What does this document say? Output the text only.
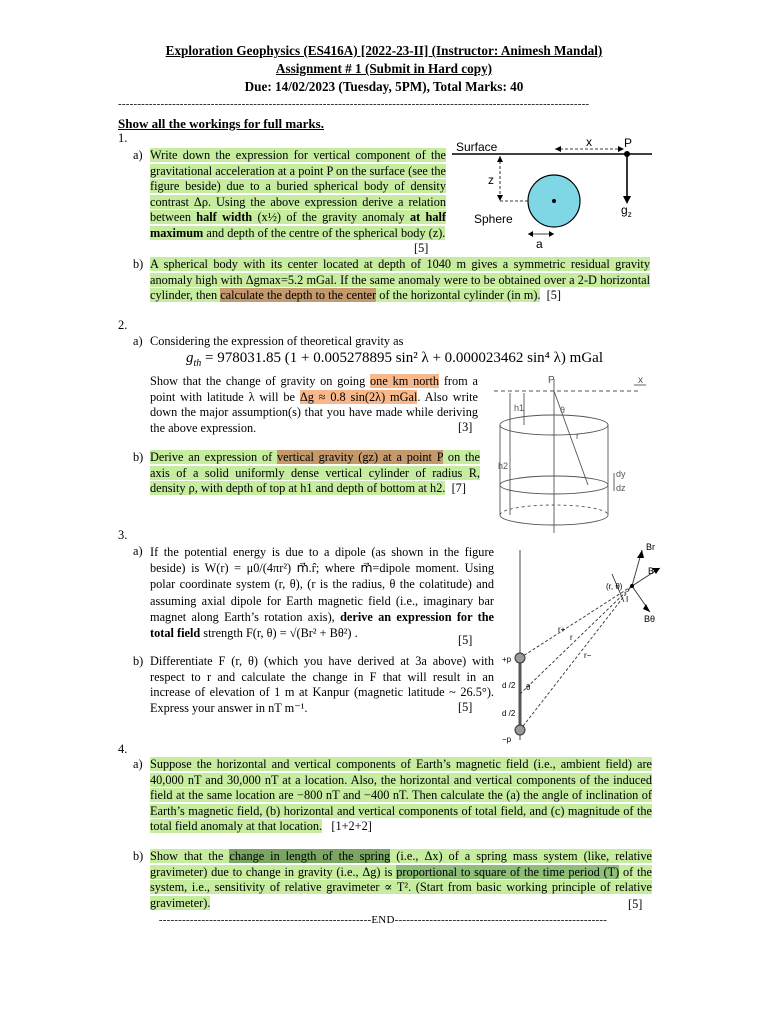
Exploration Geophysics (ES416A) [2022-23-II] (Instructor: Animesh Mandal)
Assignment # 1 (Submit in Hard copy)
Due: 14/02/2023 (Tuesday, 5PM), Total Marks: 40
--------------------------------------------------------------------------------------------------------------------------
Show all the workings for full marks.
1.
a) Write down the expression for vertical component of the gravitational acceleration at a point P on the surface (see the figure beside) due to a buried spherical body of density contrast Δρ. Using the above expression derive a relation between half width (x½) of the gravity anomaly at half maximum and depth of the centre of the spherical body (z).
[5]
Surface	x	P
$g_z$
z
Sphere
a
b) A spherical body with its center located at depth of 1040 m gives a symmetric residual gravity anomaly high with Δgmax=5.2 mGal. If the same anomaly were to be obtained over a 2-D horizontal cylinder, then calculate the depth to the center of the horizontal cylinder (in m). [5]
2.
a) Considering the expression of theoretical gravity as
$g_{th} = 978031.85$ (1 + 0.005278895 sin² λ + 0.000023462 sin⁴ λ) mGal
Show that the change of gravity on going one km north from a point with latitude λ will be Δg ≈ 0.8 sin(2λ) mGal. Also write down the major assumption(s) that you have made while deriving the above expression.	[3]
b) Derive an expression of vertical gravity (gz) at a point P on the axis of a solid uniformly dense vertical cylinder of radius R, density ρ, with depth of top at h1 and depth of bottom at h2. [7]
P
h1
h2
θ
r
dy
dz
x
3.
a) If the potential energy is due to a dipole (as shown in the figure beside) is W(r) = μ0/(4πr²) m⃗.r̂; where m⃗=dipole moment. Using polar coordinate system (r, θ), (r is the radius, θ the colatitude) and assuming axial dipole for Earth magnetic field (i.e., imaginary bar magnet along Earth’s rotation axis), derive an expression for the total field strength F(r, θ) = √(Br² + Bθ²) .	[5]
b) Differentiate F (r, θ) (which you have derived at 3a above) with respect to r and calculate the change in F that will result in an increase of elevation of 1 m at Kanpur (magnetic latitude ~ 26.5°). Express your answer in nT m⁻¹.	[5]
Br
B
Bθ
(r, θ)
I
r+
r
r−
+p
−p
d /2
d /2
θ
4.
a) Suppose the horizontal and vertical components of Earth’s magnetic field (i.e., ambient field) are 40,000 nT and 30,000 nT at a location. Also, the horizontal and vertical components of the induced field at the same location are −800 nT and −400 nT. Then calculate the (a) the angle of inclination of Earth’s magnetic field, (b) horizontal and vertical components of total field, and (c) magnitude of the total field anomaly at that location. [1+2+2]
b) Show that the change in length of the spring (i.e., Δx) of a spring mass system (like, relative gravimeter) due to change in gravity (i.e., Δg) is proportional to square of the time period (T) of the system, i.e., sensitivity of relative gravimeter ∝ T². (Start from basic working principle of relative gravimeter).	[5]
-------------------------------------------------------END-------------------------------------------------------
